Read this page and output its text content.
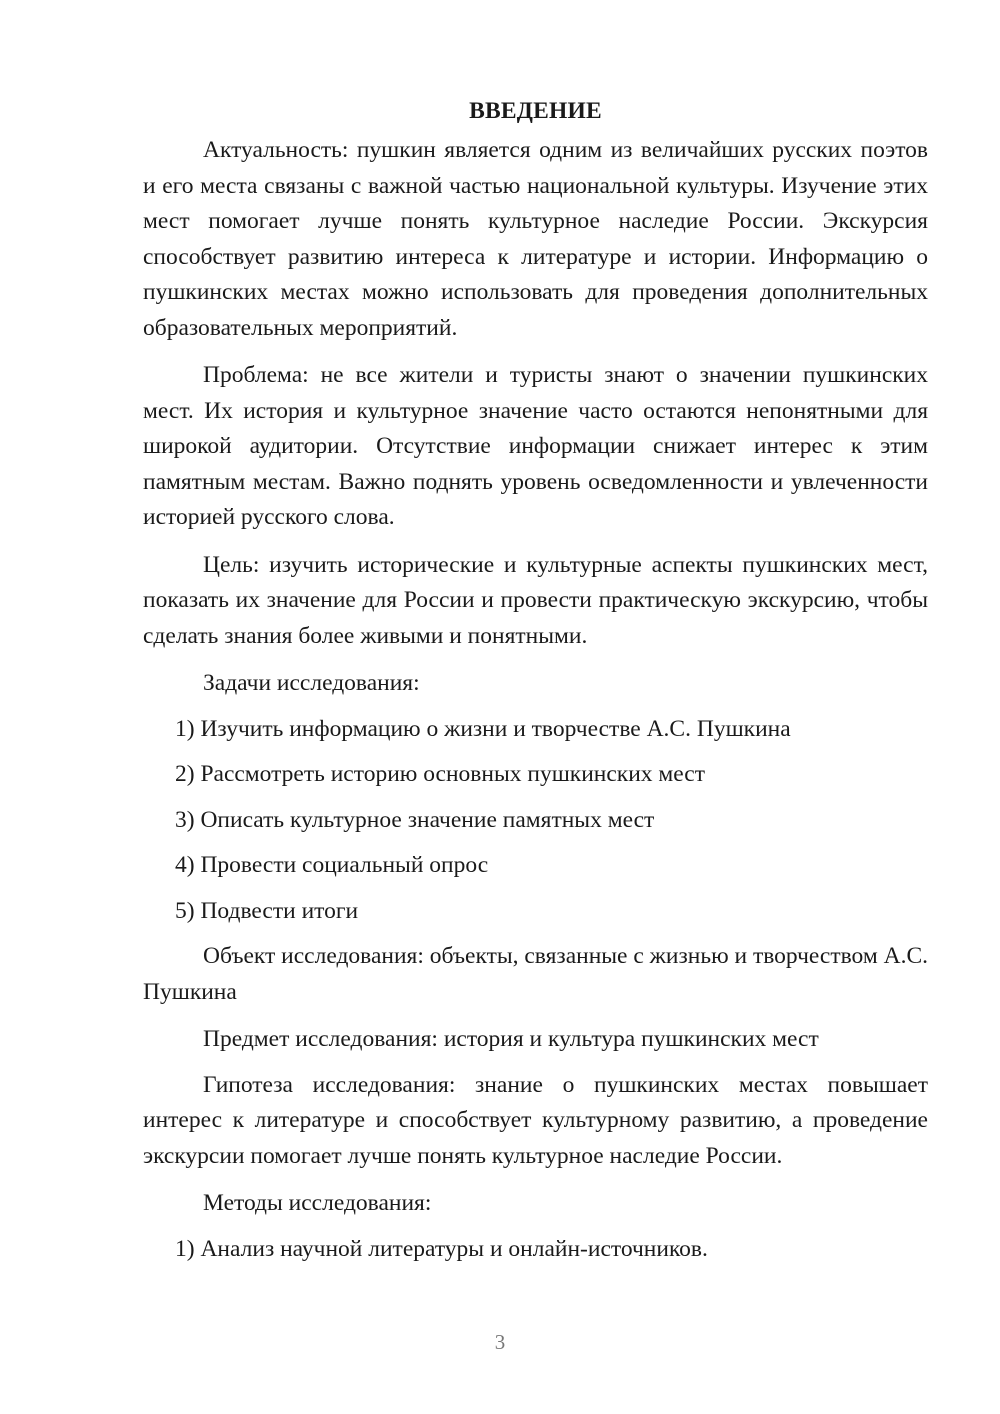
ВВЕДЕНИЕ

Актуальность: пушкин является одним из величайших русских поэтов и его места связаны с важной частью национальной культуры. Изучение этих мест помогает лучше понять культурное наследие России. Экскурсия способствует развитию интереса к литературе и истории. Информацию о пушкинских местах можно использовать для проведения дополнительных образовательных мероприятий.

Проблема: не все жители и туристы знают о значении пушкинских мест. Их история и культурное значение часто остаются непонятными для широкой аудитории. Отсутствие информации снижает интерес к этим памятным местам. Важно поднять уровень осведомленности и увлеченности историей русского слова.

Цель: изучить исторические и культурные аспекты пушкинских мест, показать их значение для России и провести практическую экскурсию, чтобы сделать знания более живыми и понятными.

Задачи исследования:

1) Изучить информацию о жизни и творчестве А.С. Пушкина
2) Рассмотреть историю основных пушкинских мест
3) Описать культурное значение памятных мест
4) Провести социальный опрос
5) Подвести итоги

Объект исследования: объекты, связанные с жизнью и творчеством А.С. Пушкина

Предмет исследования: история и культура пушкинских мест

Гипотеза исследования: знание о пушкинских местах повышает интерес к литературе и способствует культурному развитию, а проведение экскурсии помогает лучше понять культурное наследие России.

Методы исследования:

1) Анализ научной литературы и онлайн-источников.
3
